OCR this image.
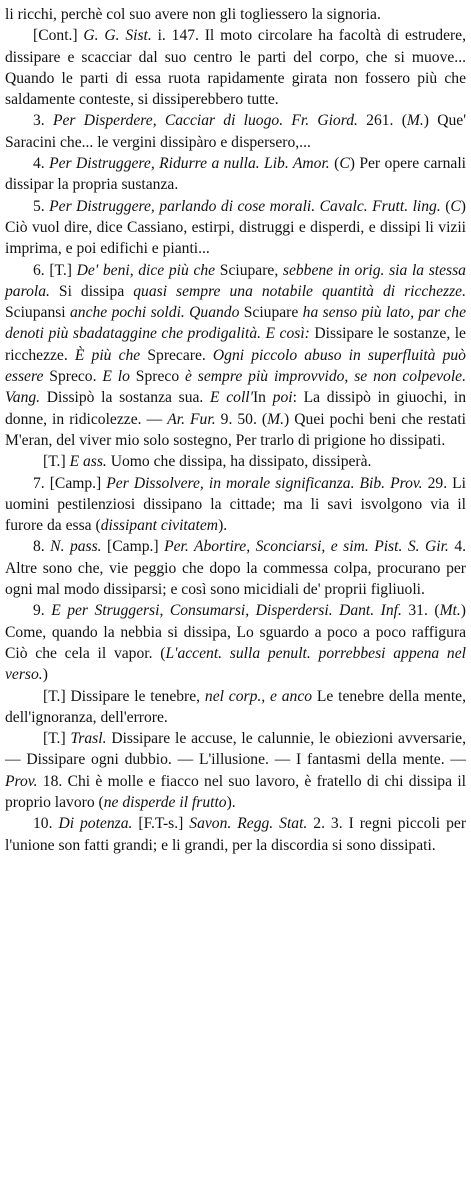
li ricchi, perchè col suo avere non gli togliessero la signoria.

[Cont.] G. G. Sist. i. 147. Il moto circolare ha facoltà di estrudere, dissipare e scacciar dal suo centro le parti del corpo, che si muove... Quando le parti di essa ruota rapidamente girata non fossero più che saldamente conteste, si dissiperebbero tutte.

3. Per Disperdere, Cacciar di luogo. Fr. Giord. 261. (M.) Que' Saracini che... le vergini dissipàro e dispersero,...

4. Per Distruggere, Ridurre a nulla. Lib. Amor. (C) Per opere carnali dissipar la propria sustanza.

5. Per Distruggere, parlando di cose morali. Cavalc. Frutt. ling. (C) Ciò vuol dire, dice Cassiano, estirpi, distruggi e disperdi, e dissipi li vizii imprima, e poi edifichi e pianti...

6. [T.] De' beni, dice più che Sciupare, sebbene in orig. sia la stessa parola. Si dissipa quasi sempre una notabile quantità di ricchezze. Sciupansi anche pochi soldi. Quando Sciupare ha senso più lato, par che denoti più sbadataggine che prodigalità. E così: Dissipare le sostanze, le ricchezze. È più che Sprecare. Ogni piccolo abuso in superfluità può essere Spreco. E lo Spreco è sempre più improvvido, se non colpevole. Vang. Dissipò la sostanza sua. E coll'In poi: La dissipò in giuochi, in donne, in ridicolezze. — Ar. Fur. 9. 50. (M.) Quei pochi beni che restati M'eran, del viver mio solo sostegno, Per trarlo di prigione ho dissipati.

[T.] E ass. Uomo che dissipa, ha dissipato, dissiperà.

7. [Camp.] Per Dissolvere, in morale significanza. Bib. Prov. 29. Li uomini pestilenziosi dissipano la cittade; ma li savi isvolgono via il furore da essa (dissipant civitatem).

8. N. pass. [Camp.] Per. Abortire, Sconciarsi, e sim. Pist. S. Gir. 4. Altre sono che, vie peggio che dopo la commessa colpa, procurano per ogni mal modo dissiparsi; e così sono micidiali de' proprii figliuoli.

9. E per Struggersi, Consumarsi, Disperdersi. Dant. Inf. 31. (Mt.) Come, quando la nebbia si dissipa, Lo sguardo a poco a poco raffigura Ciò che cela il vapor. (L'accent. sulla penult. porrebbesi appena nel verso.)

[T.] Dissipare le tenebre, nel corp., e anco Le tenebre della mente, dell'ignoranza, dell'errore.

[T.] Trasl. Dissipare le accuse, le calunnie, le obiezioni avversarie, — Dissipare ogni dubbio. — L'illusione. — I fantasmi della mente. — Prov. 18. Chi è molle e fiacco nel suo lavoro, è fratello di chi dissipa il proprio lavoro (ne disperde il frutto).

10. Di potenza. [F.T-s.] Savon. Regg. Stat. 2. 3. I regni piccoli per l'unione son fatti grandi; e li grandi, per la discordia si sono dissipati.
